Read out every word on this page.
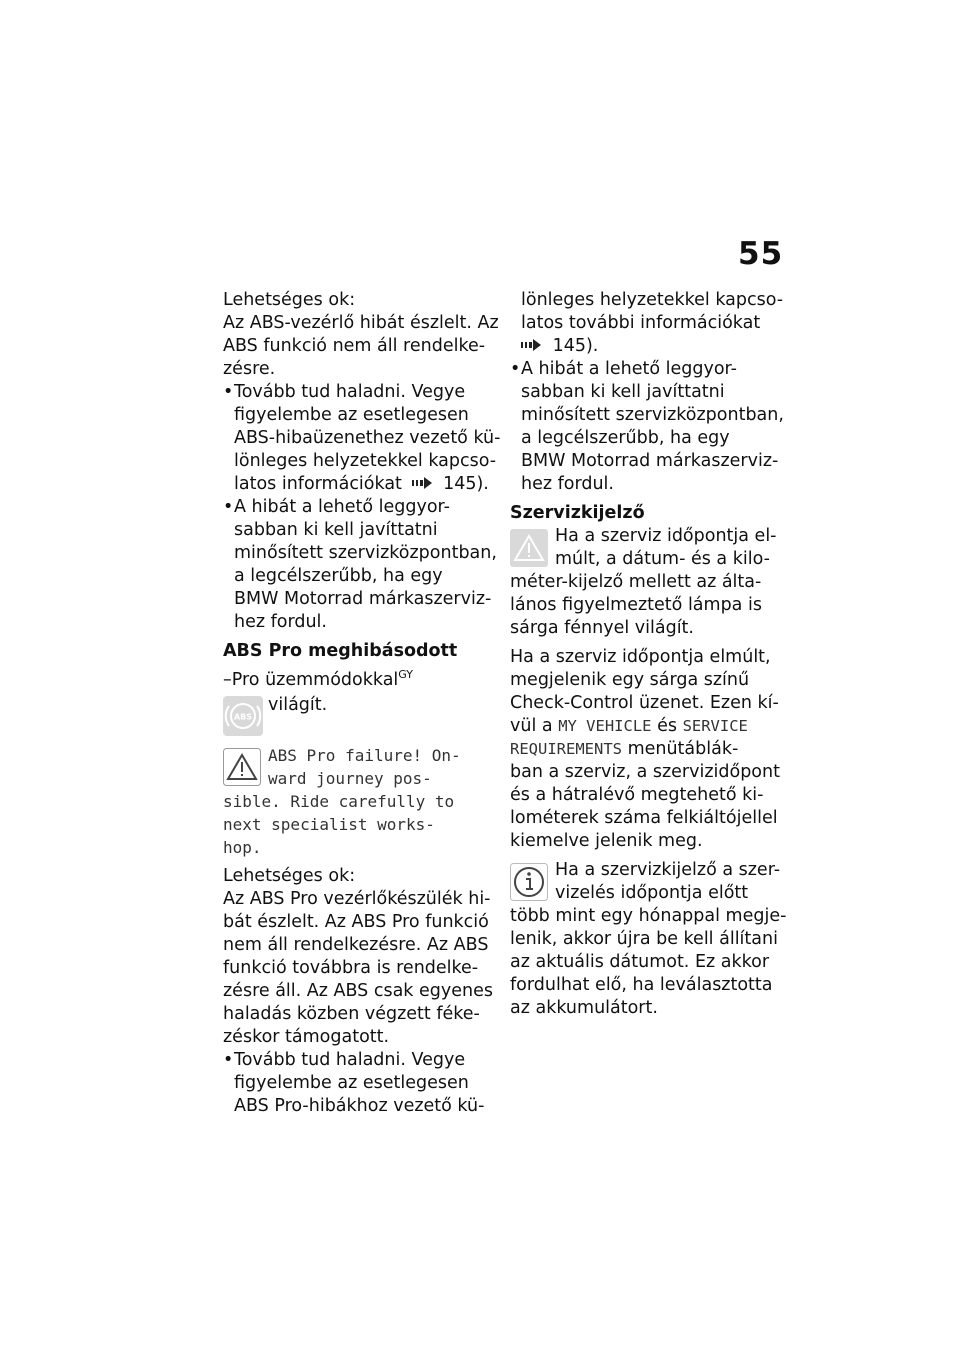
55
Lehetséges ok:
Az ABS-vezérlő hibát észlelt. Az
ABS funkció nem áll rendelke-
zésre.
• Tovább tud haladni. Vegye
figyelembe az esetlegesen
ABS-hibaüzenethez vezető kü-
lönleges helyzetekkel kapcso-
latos információkat 145).
• A hibát a lehető leggyor-
sabban ki kell javíttatni
minősített szervizközpontban,
a legcélszerűbb, ha egy
BMW Motorrad márkaszerviz-
hez fordul.
ABS Pro meghibásodott
–Pro üzemmódokkal$^{GY}$
ABS
világít.
ABS Pro failure! On-
ward journey pos-
sible. Ride carefully to
next specialist works-
hop.
Lehetséges ok:
Az ABS Pro vezérlőkészülék hi-
bát észlelt. Az ABS Pro funkció
nem áll rendelkezésre. Az ABS
funkció továbbra is rendelke-
zésre áll. Az ABS csak egyenes
haladás közben végzett féke-
zéskor támogatott.
• Tovább tud haladni. Vegye
figyelembe az esetlegesen
ABS Pro-hibákhoz vezető kü-
lönleges helyzetekkel kapcso-
latos további információkat
145).
• A hibát a lehető leggyor-
sabban ki kell javíttatni
minősített szervizközpontban,
a legcélszerűbb, ha egy
BMW Motorrad márkaszerviz-
hez fordul.
Szervizkijelző
Ha a szerviz időpontja el-
múlt, a dátum- és a kilo-
méter-kijelző mellett az álta-
lános figyelmeztető lámpa is
sárga fénnyel világít.
Ha a szerviz időpontja elmúlt,
megjelenik egy sárga színű
Check-Control üzenet. Ezen kí-
vül a MY VEHICLE és SERVICE
REQUIREMENTS menütáblák-
ban a szerviz, a szervizidőpont
és a hátralévő megtehető ki-
lométerek száma felkiáltójellel
kiemelve jelenik meg.
Ha a szervizkijelző a szer-
vizelés időpontja előtt
több mint egy hónappal megje-
lenik, akkor újra be kell állítani
az aktuális dátumot. Ez akkor
fordulhat elő, ha leválasztotta
az akkumulátort.
